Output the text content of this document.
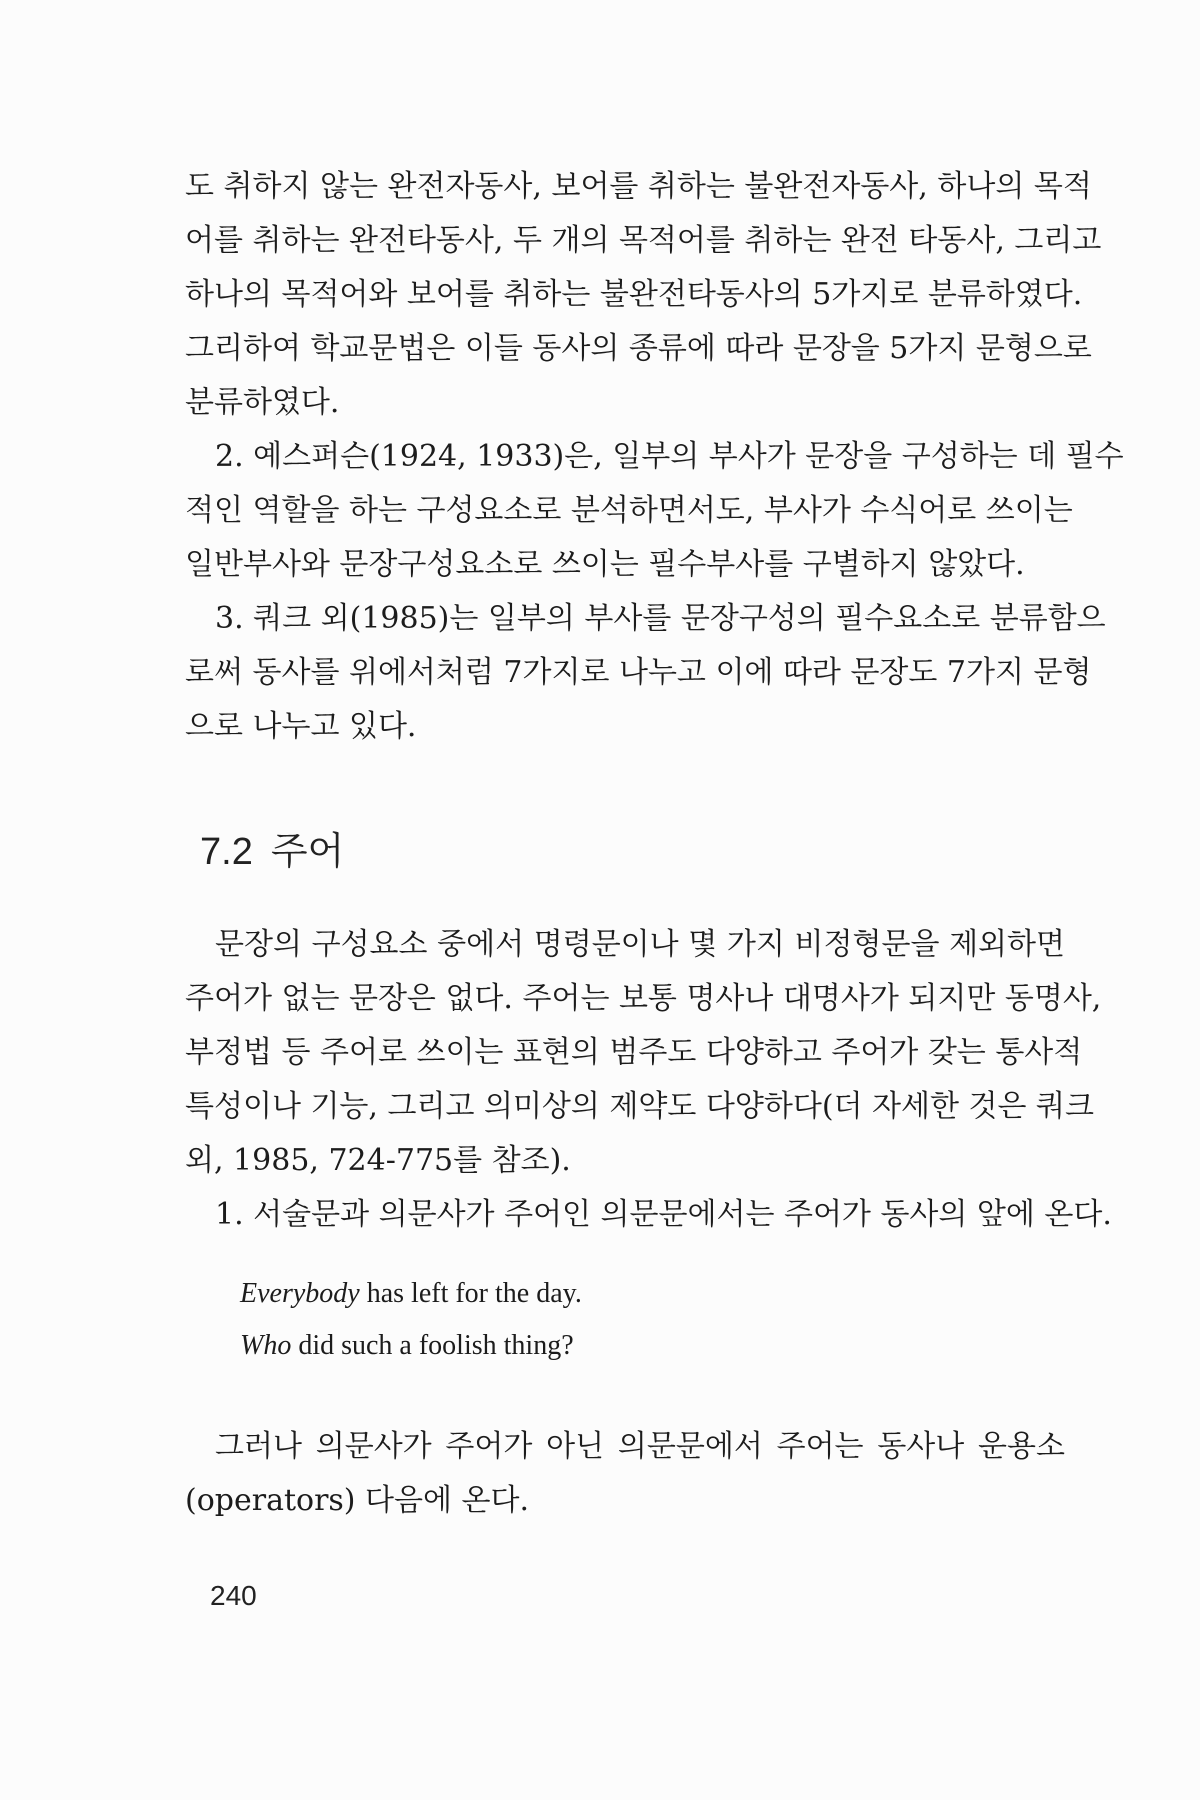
도 취하지 않는 완전자동사, 보어를 취하는 불완전자동사, 하나의 목적
어를 취하는 완전타동사, 두 개의 목적어를 취하는 완전 타동사, 그리고
하나의 목적어와 보어를 취하는 불완전타동사의 5가지로 분류하였다.
그리하여 학교문법은 이들 동사의 종류에 따라 문장을 5가지 문형으로
분류하였다.
2. 예스퍼슨(1924, 1933)은, 일부의 부사가 문장을 구성하는 데 필수
적인 역할을 하는 구성요소로 분석하면서도, 부사가 수식어로 쓰이는
일반부사와 문장구성요소로 쓰이는 필수부사를 구별하지 않았다.
3. 쿼크 외(1985)는 일부의 부사를 문장구성의 필수요소로 분류함으
로써 동사를 위에서처럼 7가지로 나누고 이에 따라 문장도 7가지 문형
으로 나누고 있다.
7.2 주어
문장의 구성요소 중에서 명령문이나 몇 가지 비정형문을 제외하면
주어가 없는 문장은 없다. 주어는 보통 명사나 대명사가 되지만 동명사,
부정법 등 주어로 쓰이는 표현의 범주도 다양하고 주어가 갖는 통사적
특성이나 기능, 그리고 의미상의 제약도 다양하다(더 자세한 것은 쿼크
외, 1985, 724-775를 참조).
1. 서술문과 의문사가 주어인 의문문에서는 주어가 동사의 앞에 온다.
Everybody has left for the day.
Who did such a foolish thing?
그러나 의문사가 주어가 아닌 의문문에서 주어는 동사나 운용소
(operators) 다음에 온다.
240
